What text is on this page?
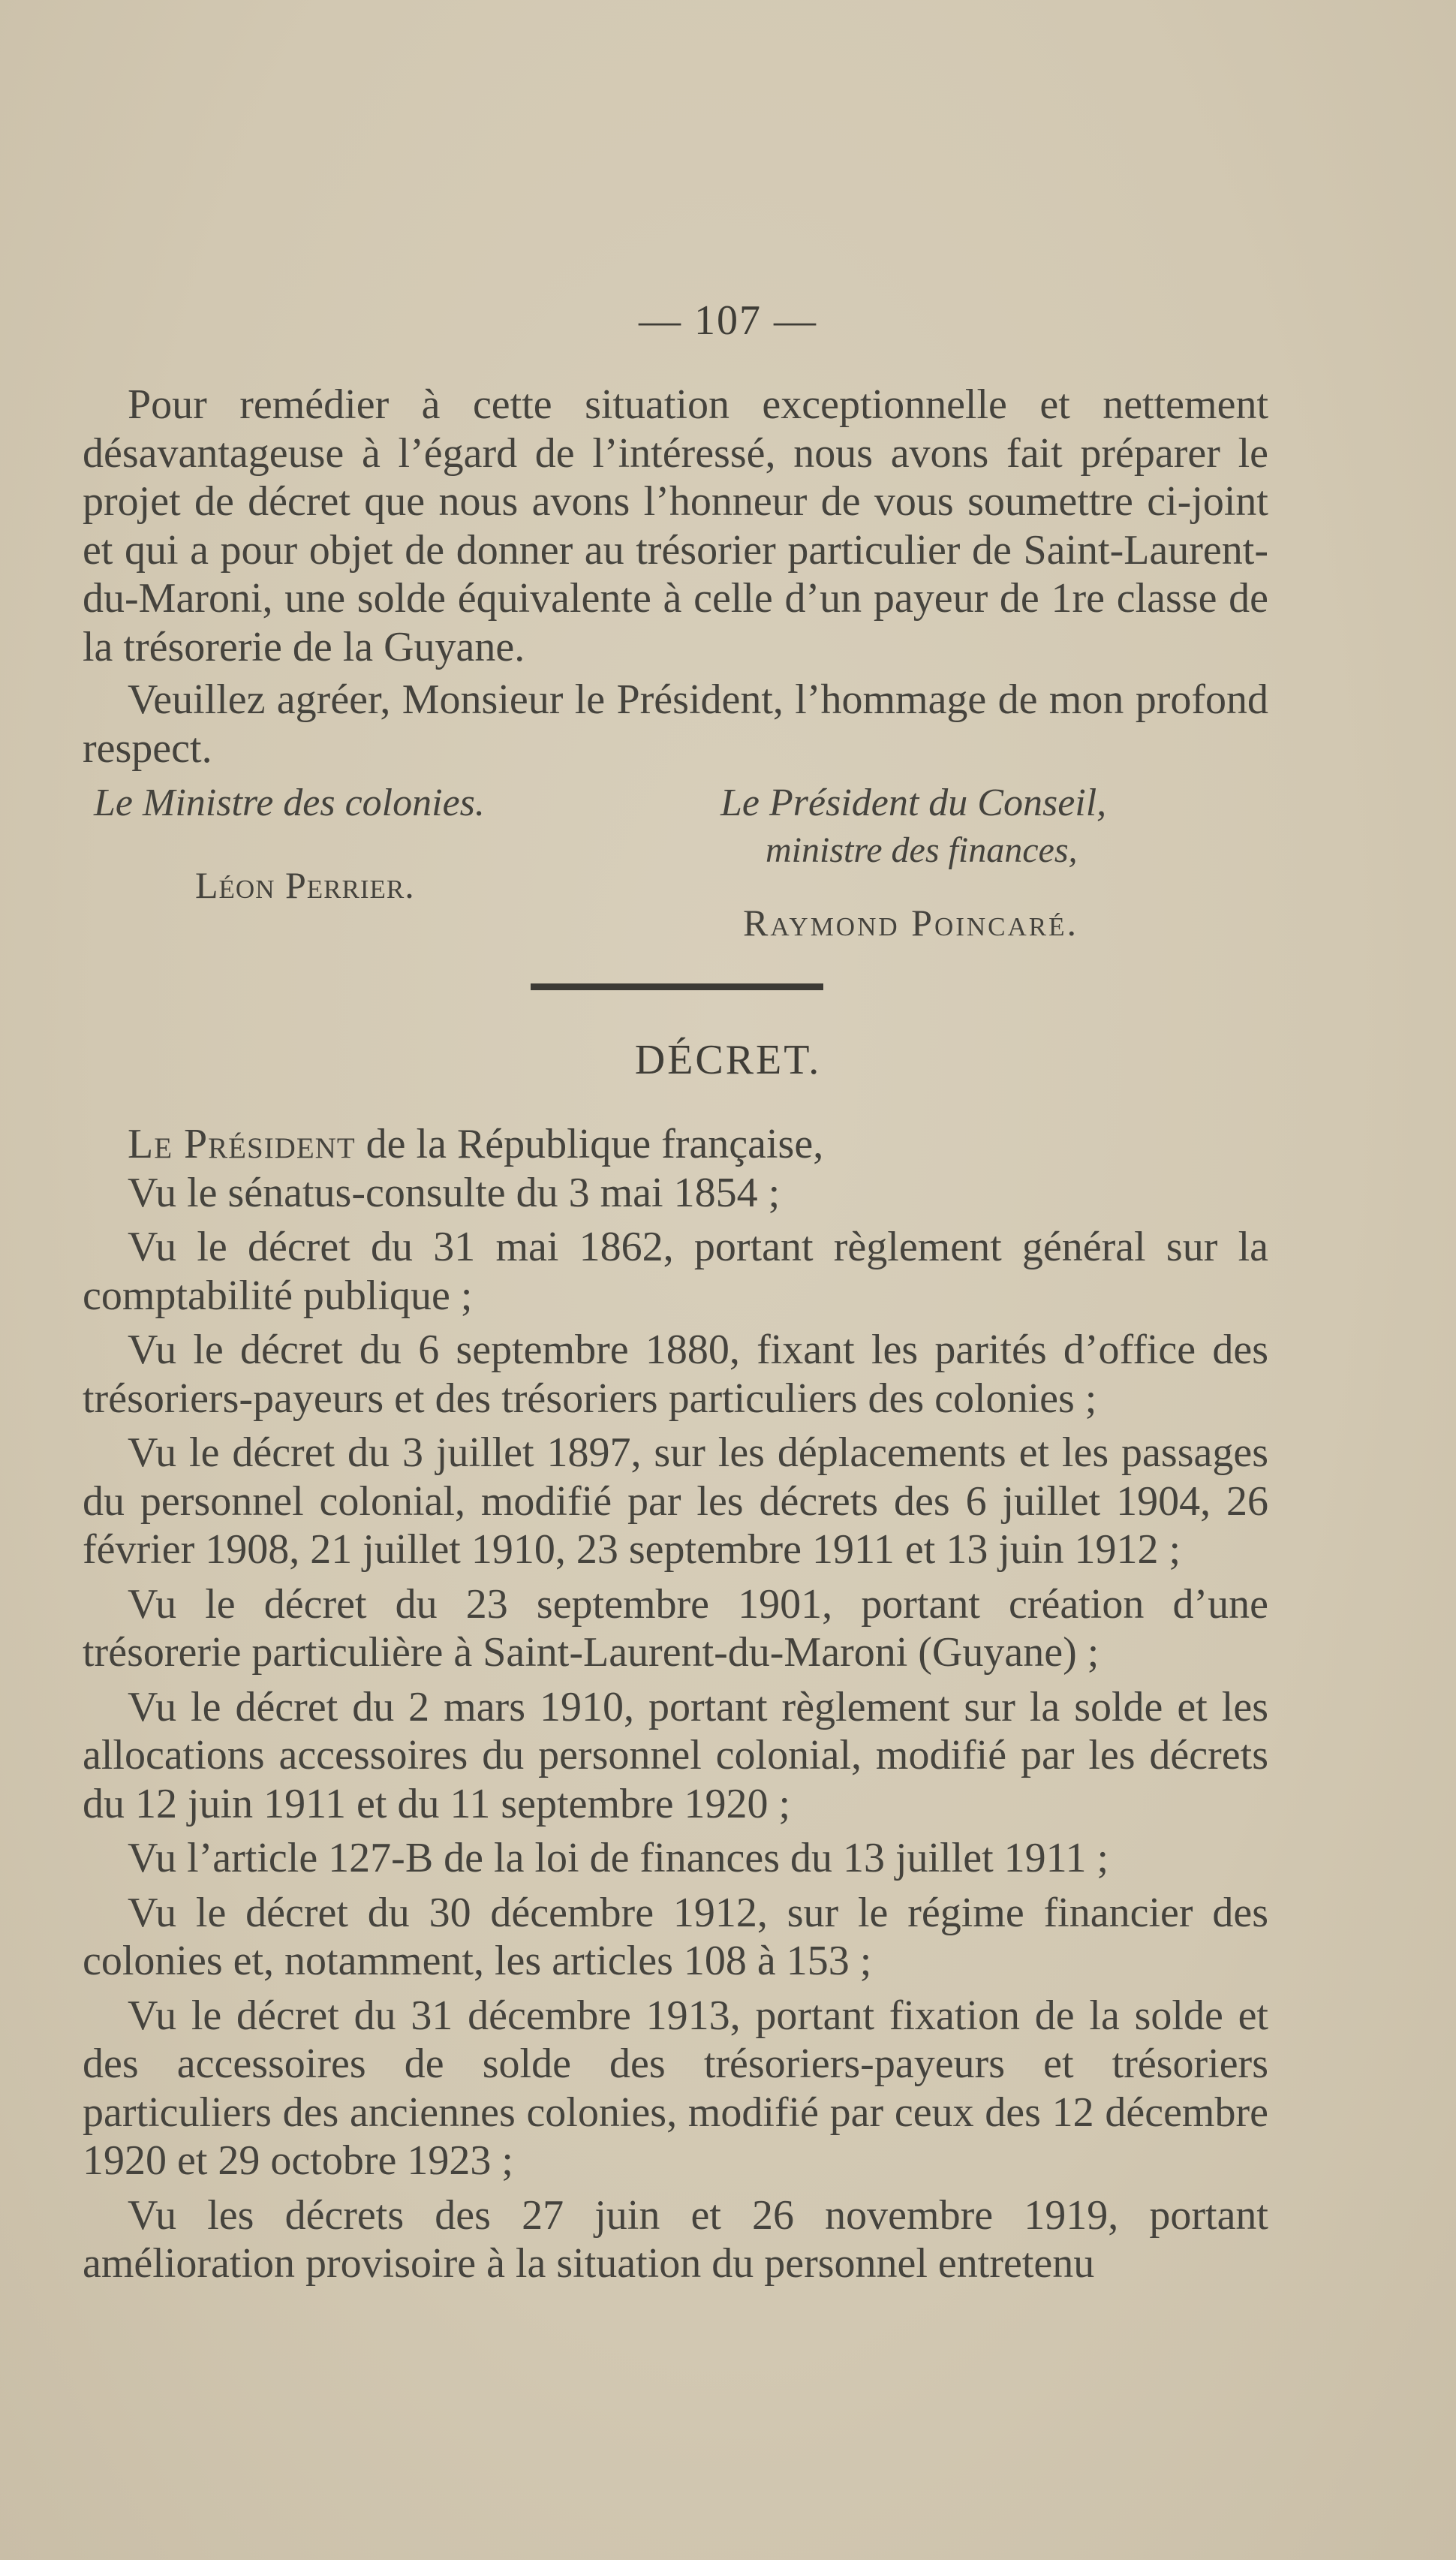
— 107 —

Pour remédier à cette situation exceptionnelle et nettement désavantageuse à l’égard de l’intéressé, nous avons fait préparer le projet de décret que nous avons l’honneur de vous soumettre ci-joint et qui a pour objet de donner au trésorier particulier de Saint-Laurent-du-Maroni, une solde équivalente à celle d’un payeur de 1re classe de la trésorerie de la Guyane.

Veuillez agréer, Monsieur le Président, l’hommage de mon profond respect.

Le Ministre des colonies.
Léon Perrier.
Le Président du Conseil,
ministre des finances,
Raymond Poincaré.
DÉCRET.

Le Président de la République française,

Vu le sénatus-consulte du 3 mai 1854 ;

Vu le décret du 31 mai 1862, portant règlement général sur la comptabilité publique ;

Vu le décret du 6 septembre 1880, fixant les parités d’office des trésoriers-payeurs et des trésoriers particuliers des colonies ;

Vu le décret du 3 juillet 1897, sur les déplacements et les passages du personnel colonial, modifié par les décrets des 6 juillet 1904, 26 février 1908, 21 juillet 1910, 23 septembre 1911 et 13 juin 1912 ;

Vu le décret du 23 septembre 1901, portant création d’une trésorerie particulière à Saint-Laurent-du-Maroni (Guyane) ;

Vu le décret du 2 mars 1910, portant règlement sur la solde et les allocations accessoires du personnel colonial, modifié par les décrets du 12 juin 1911 et du 11 septembre 1920 ;

Vu l’article 127-B de la loi de finances du 13 juillet 1911 ;

Vu le décret du 30 décembre 1912, sur le régime financier des colonies et, notamment, les articles 108 à 153 ;

Vu le décret du 31 décembre 1913, portant fixation de la solde et des accessoires de solde des trésoriers-payeurs et trésoriers particuliers des anciennes colonies, modifié par ceux des 12 décembre 1920 et 29 octobre 1923 ;

Vu les décrets des 27 juin et 26 novembre 1919, portant amélioration provisoire à la situation du personnel entretenu
